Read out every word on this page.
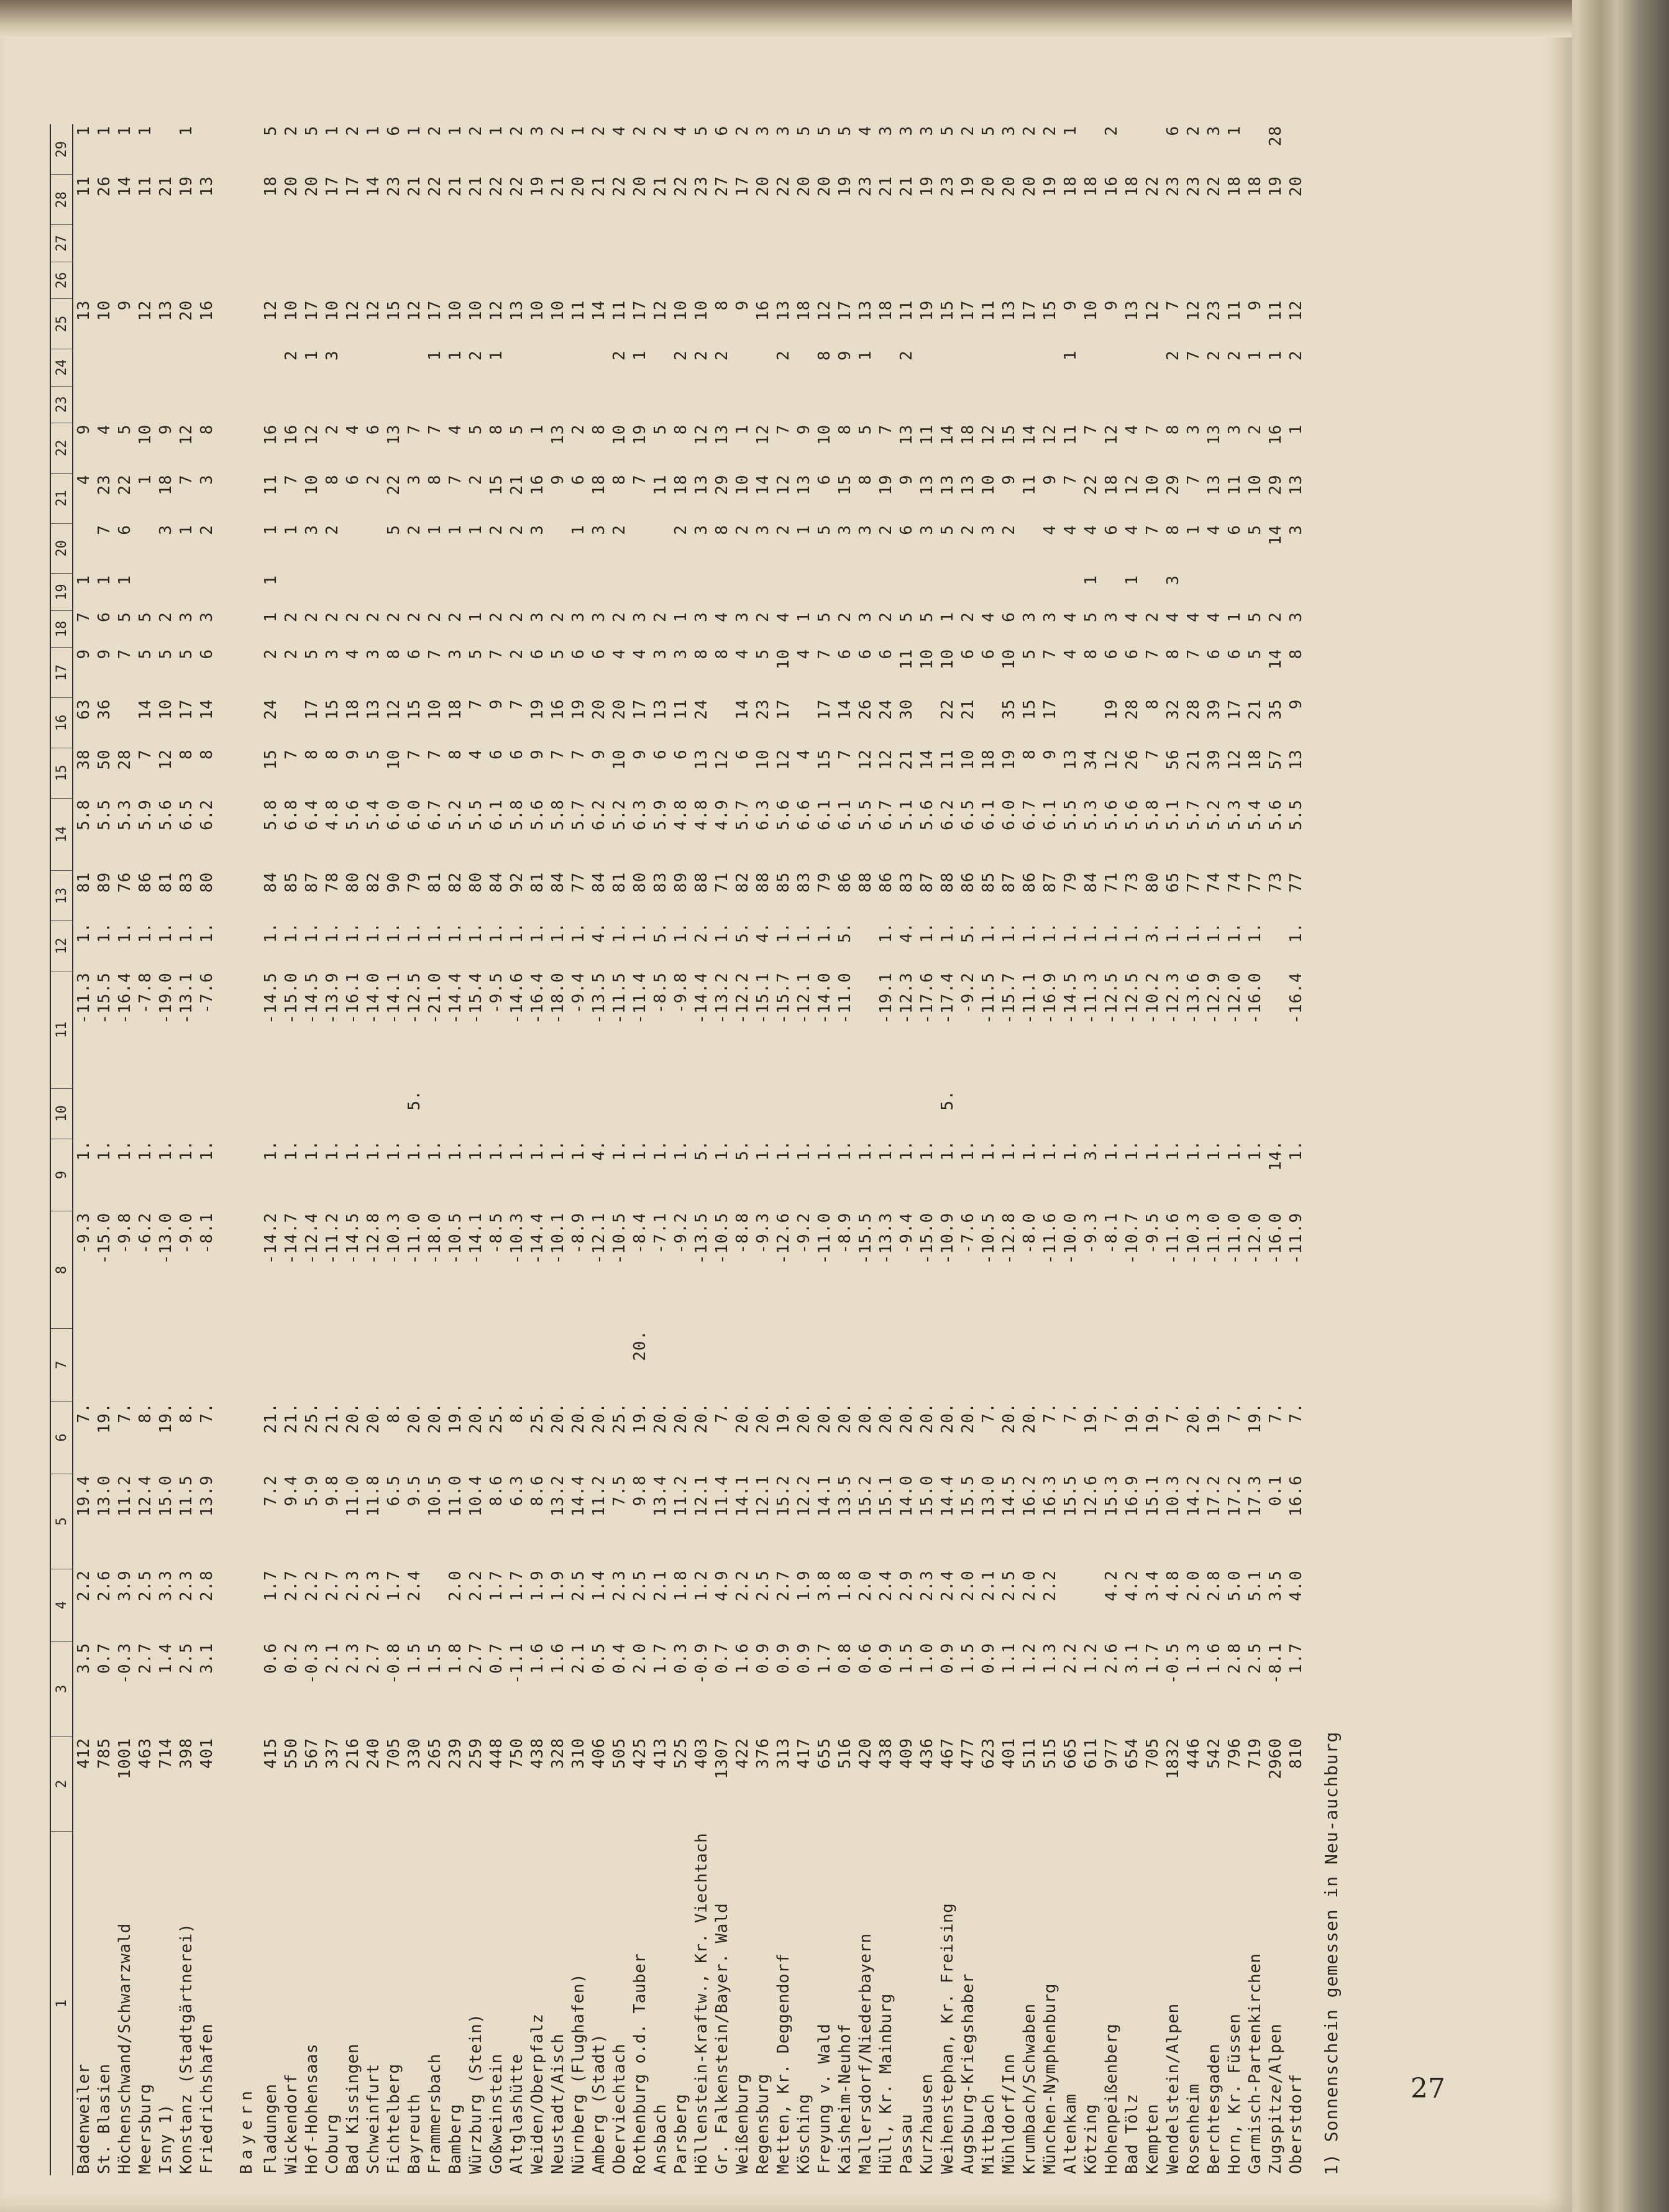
1	2	3	4	5	6	7	8	9	10	11	12	13	14	15	16	17	18	19	20	21	22	23	24	25	26	27	28	29
Badenweiler	412	3.5	2.2	19.4	7.		-9.3	1.		-11.3	1.	81	5.8	38	63	9	7	1		4	9			13			11	1
St. Blasien	785	0.7	2.6	13.0	19.		-15.0	1.		-15.5	1.	89	5.5	50	36	9	6	1	7	23	4			10			26	1
Höchenschwand/Schwarzwald	1001	-0.3	3.9	11.2	7.		-9.8	1.		-16.4	1.	76	5.3	28		7	5	1	6	22	5			9			14	1
Meersburg	463	2.7	2.5	12.4	8.		-6.2	1.		-7.8	1.	86	5.9	7	14	5	5			1	10			12			11	1
Isny 1)	714	1.4	3.3	15.0	19.		-13.0	1.		-19.0	1.	81	5.6	12	10	5	2		3	18	9			13			21	
Konstanz (Stadtgärtnerei)	398	2.5	2.3	11.5	8.		-9.0	1.		-13.1	1.	83	6.5	8	17	5	3		1	7	12			20			19	1
Friedrichshafen	401	3.1	2.8	13.9	7.		-8.1	1.		-7.6	1.	80	6.2	8	14	6	3		2	3	8			16			13	

Bayern																												
Fladungen	415	0.6	1.7	7.2	21.		-14.2	1.		-14.5	1.	84	5.8	15	24	2	1	1	1	11	16			12			18	5
Wickendorf	550	0.2	2.7	9.4	21.		-14.7	1.		-15.0	1.	85	6.8	7		2	2		1	7	16		2	10			20	2
Hof-Hohensaas	567	-0.3	2.2	5.9	25.		-12.4	1.		-14.5	1.	87	6.4	8	17	5	2		3	10	12		1	17			20	5
Coburg	337	2.1	2.7	9.8	21.		-11.2	1.		-13.9	1.	78	4.8	8	15	3	2		2	8	2		3	10			17	1
Bad Kissingen	216	2.3	2.3	11.0	20.		-14.5	1.		-16.1	1.	80	5.6	9	18	4	2			6	4			12			17	2
Schweinfurt	240	2.7	2.3	11.8	20.		-12.8	1.		-14.0	1.	82	5.4	5	13	3	2			2	6			12			14	1
Fichtelberg	705	-0.8	1.7	6.5	8.		-10.3	1.		-14.1	1.	90	6.0	10	12	8	2		5	22	13			15			23	6
Bayreuth	330	1.5	2.4	9.5	20.		-11.0	1.	5.	-12.5	1.	79	6.0	7	15	6	2		2	3	7			12			21	1
Frammersbach	265	1.5		10.5	20.		-18.0	1.		-21.0	1.	81	6.7	7	10	7	2		1	8	7		1	17			22	2
Bamberg	239	1.8	2.0	11.0	19.		-10.5	1.		-14.4	1.	82	5.2	8	18	3	2		1	7	4		1	10			21	1
Würzburg (Stein)	259	2.7	2.2	10.4	20.		-14.1	1.		-15.4	1.	80	5.5	4	7	5	1		1	2	5		2	10			21	2
Goßweinstein	448	0.7	1.7	8.6	25.		-8.5	1.		-9.5	1.	84	6.1	6	9	7	2		2	15	8		1	12			22	1
Altglashütte	750	-1.1	1.7	6.3	8.		-10.3	1.		-14.6	1.	92	5.8	6	7	2	2		2	21	5			13			22	2
Weiden/Oberpfalz	438	1.6	1.9	8.6	25.		-14.4	1.		-16.4	1.	81	5.6	9	19	6	3		3	16	1			10			19	3
Neustadt/Aisch	328	1.6	1.9	13.2	20.		-10.1	1.		-18.0	1.	84	5.8	7	16	5	2			9	13			10			21	2
Nürnberg (Flughafen)	310	2.1	2.5	14.4	20.		-8.9	1.		-9.4	1.	77	5.7	7	19	6	3		1	6	2			11			20	1
Amberg (Stadt)	406	0.5	1.4	11.2	20.		-12.1	4.		-13.5	4.	84	6.2	9	20	6	3		3	18	8			14			21	2
Oberviechtach	505	0.4	2.3	7.5	25.		-10.5	1.		-11.5	1.	81	5.2	10	20	4	2		2	8	10		2	11			22	4
Rothenburg o.d. Tauber	425	2.0	2.5	9.8	19.	20.	-8.4	1.		-11.4	1.	80	6.3	9	17	4	3			7	19		1	17			20	2
Ansbach	413	1.7	2.1	13.4	20.		-7.1	1.		-8.5	5.	83	5.9	6	13	3	2			11	5			12			21	2
Parsberg	525	0.3	1.8	11.2	20.		-9.2	1.		-9.8	1.	89	4.8	6	11	3	1		2	18	8		2	10			22	4
Höllenstein-Kraftw., Kr. Viechtach	403	-0.9	1.2	12.1	20.		-13.5	5.		-14.4	2.	88	4.8	13	24	8	3		3	13	12		2	10			23	5
Gr. Falkenstein/Bayer. Wald	1307	0.7	4.9	11.4	7.		-10.5	1.		-13.2	1.	71	4.9	12		8	4		8	29	13		2	8			27	6
Weißenburg	422	1.6	2.2	14.1	20.		-8.8	5.		-12.2	5.	82	5.7	6	14	4	3		2	10	1			9			17	2
Regensburg	376	0.9	2.5	12.1	20.		-9.3	1.		-15.1	4.	88	6.3	10	23	5	2		3	14	12			16			20	3
Metten, Kr. Deggendorf	313	0.9	2.7	15.2	19.		-12.6	1.		-15.7	1.	85	5.6	12	17	10	4		2	12	7		2	13			22	3
Kösching	417	0.9	1.9	12.2	20.		-9.2	1.		-12.1	1.	83	6.6	4		4	1		1	13	9			18			20	5
Freyung v. Wald	655	1.7	3.8	14.1	20.		-11.0	1.		-14.0	1.	79	6.1	15	17	7	5		5	6	10		8	12			20	5
Kaisheim-Neuhof	516	0.8	1.8	13.5	20.		-8.9	1.		-11.0	5.	86	6.1	7	14	6	2		3	15	8		9	17			19	5
Mallersdorf/Niederbayern	420	0.6	2.0	15.2	20.		-15.5	1.				88	5.5	12	26	6	3		3	8	5		1	13			23	4
Hüll, Kr. Mainburg	438	0.9	2.4	15.1	20.		-13.3	1.		-19.1	1.	86	6.7	12	24	6	2		2	19	7			18			21	3
Passau	409	1.5	2.9	14.0	20.		-9.4	1.		-12.3	4.	83	5.1	21	30	11	5		6	9	13		2	11			21	3
Kurzhausen	436	1.0	2.3	15.0	20.		-15.0	1.		-17.6	1.	87	5.6	14		10	5		3	13	11			19			19	3
Weihenstephan, Kr. Freising	467	0.9	2.4	14.4	20.		-10.9	1.	5.	-17.4	1.	88	6.2	11	22	10	1		5	13	14			15			23	5
Augsburg-Kriegshaber	477	1.5	2.0	15.5	20.		-7.6	1.		-9.2	5.	86	6.5	10	21	6	2		2	13	18			17			19	2
Mittbach	623	0.9	2.1	13.0	7.		-10.5	1.		-11.5	1.	85	6.1	18		6	4		3	10	12			11			20	5
Mühldorf/Inn	401	1.1	2.5	14.5	20.		-12.8	1.		-15.7	1.	87	6.0	19	35	10	6		2	9	15			13			20	3
Krumbach/Schwaben	511	1.2	2.0	16.2	20.		-8.0	1.		-11.1	1.	86	6.7	8	15	5	3			11	14			17			20	2
München-Nymphenburg	515	1.3	2.2	16.3	7.		-11.6	1.		-16.9	1.	87	6.1	9	17	7	3		4	9	12			15			19	2
Altenkam	665	2.2		15.5	7.		-10.0	1.		-14.5	1.	79	5.5	13		4	4		4	7	11		1	9			18	1
Kötzing	611	1.2		12.6	19.		-9.3	3.		-11.3	1.	84	5.3	34		8	5	1	4	22	7			10			18	
Hohenpeißenberg	977	2.6	4.2	15.3	7.		-8.1	1.		-12.5	1.	71	5.6	12	19	6	3		6	18	12			9			16	2
Bad Tölz	654	3.1	4.2	16.9	19.		-10.7	1.		-12.5	1.	73	5.6	26	28	6	4	1	4	12	4			13			18	
Kempten	705	1.7	3.4	15.1	19.		-9.5	1.		-10.2	3.	80	5.8	7	8	7	2		7	10	7			12			22	
Wendelstein/Alpen	1832	-0.5	4.8	10.3	7.		-11.6	1.		-12.3	1.	65	5.1	56	32	8	4	3	8	29	8		2	7			23	6
Rosenheim	446	1.3	2.0	14.2	20.		-10.3	1.		-13.6	1.	77	5.7	21	28	7	4		1	7	3		7	12			23	2
Berchtesgaden	542	1.6	2.8	17.2	19.		-11.0	1.		-12.9	1.	74	5.2	39	39	6	4		4	13	13		2	23			22	3
Horn, Kr. Füssen	796	2.8	5.0	17.2	7.		-11.0	1.		-12.0	1.	74	5.3	12	17	6	1		6	11	3		2	11			18	1
Garmisch-Partenkirchen	719	2.5	5.1	17.3	19.		-12.0	1.		-16.0	1.	77	5.4	18	21	5	5		5	10	2		1	9			18	
Zugspitze/Alpen	2960	-8.1	3.5	0.1	7.		-16.0	14.				73	5.6	57	35	14	2		14	29	16		1	11			19	28
Oberstdorf	810	1.7	4.0	16.6	7.		-11.9	1.		-16.4	1.	77	5.5	13	9	8	3		3	13	1		2	12			20	
1) Sonnenschein gemessen in Neu-auchburg	27
